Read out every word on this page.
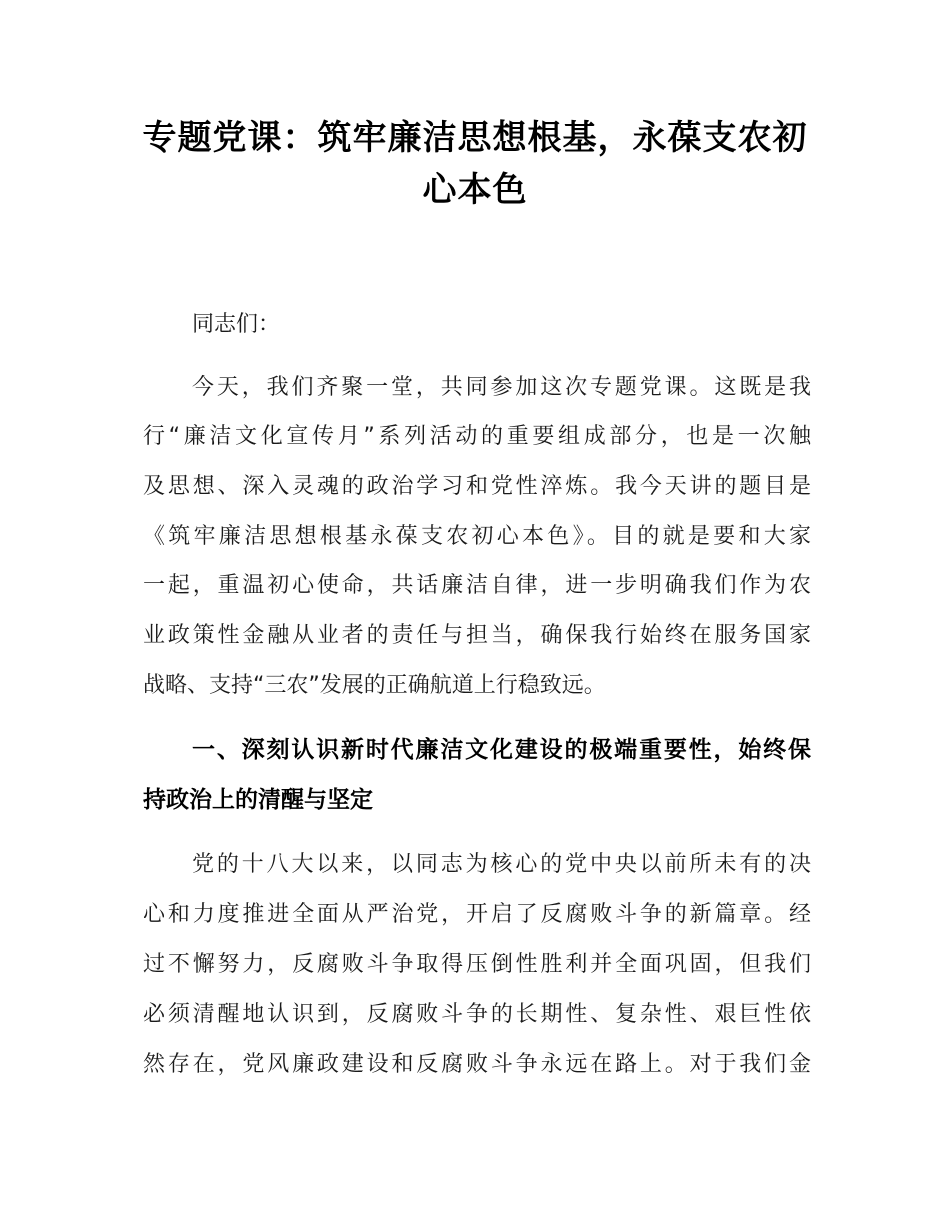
专题党课：筑牢廉洁思想根基，永葆支农初
心本色
同志们：
今天，我们齐聚一堂，共同参加这次专题党课。这既是我
行“廉洁文化宣传月”系列活动的重要组成部分，也是一次触
及思想、深入灵魂的政治学习和党性淬炼。我今天讲的题目是
《筑牢廉洁思想根基永葆支农初心本色》。目的就是要和大家
一起，重温初心使命，共话廉洁自律，进一步明确我们作为农
业政策性金融从业者的责任与担当，确保我行始终在服务国家
战略、支持“三农”发展的正确航道上行稳致远。
一、深刻认识新时代廉洁文化建设的极端重要性，始终保
持政治上的清醒与坚定
党的十八大以来，以同志为核心的党中央以前所未有的决
心和力度推进全面从严治党，开启了反腐败斗争的新篇章。经
过不懈努力，反腐败斗争取得压倒性胜利并全面巩固，但我们
必须清醒地认识到，反腐败斗争的长期性、复杂性、艰巨性依
然存在，党风廉政建设和反腐败斗争永远在路上。对于我们金
